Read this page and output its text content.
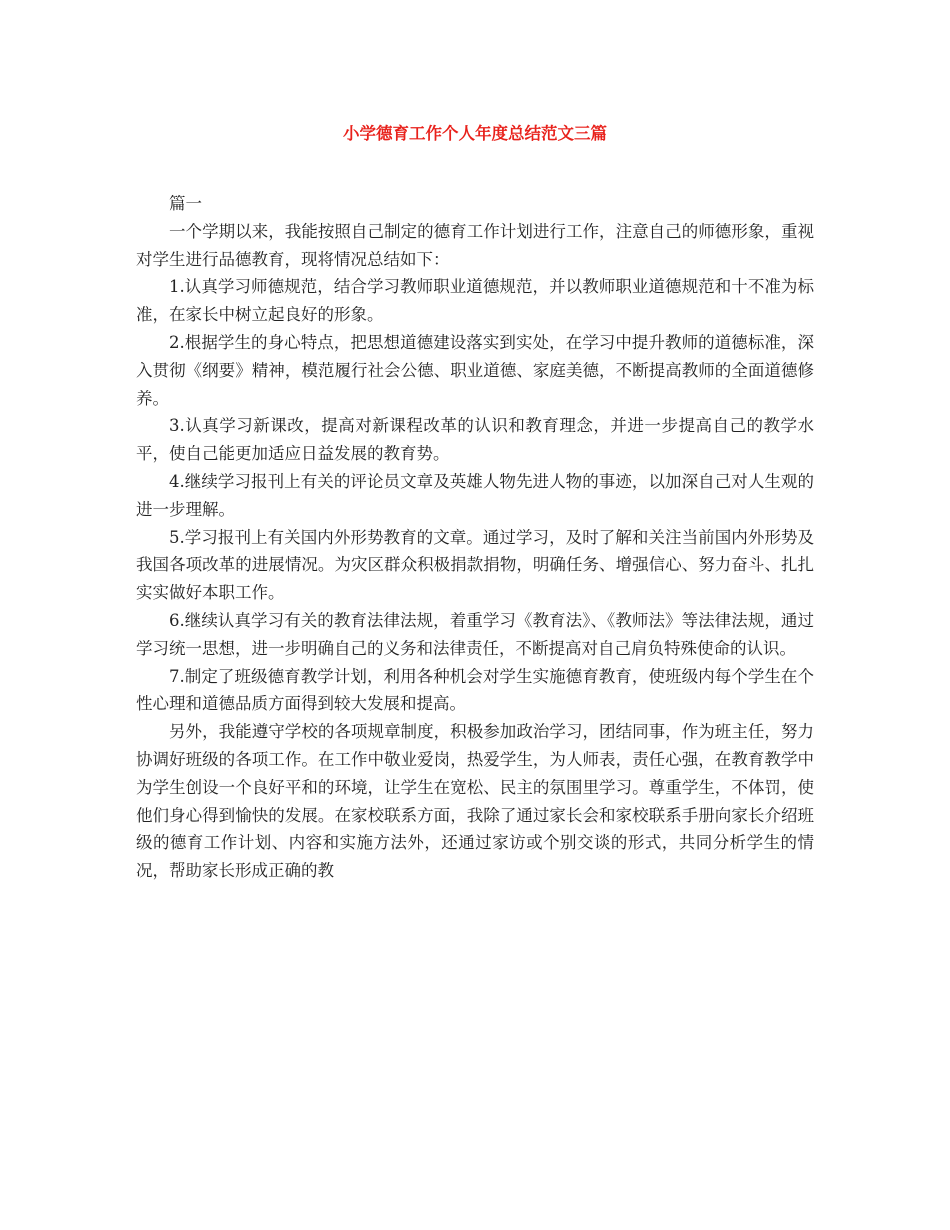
小学德育工作个人年度总结范文三篇

篇一

一个学期以来，我能按照自己制定的德育工作计划进行工作，注意自己的师德形象，重视对学生进行品德教育，现将情况总结如下：

1.认真学习师德规范，结合学习教师职业道德规范，并以教师职业道德规范和十不准为标准，在家长中树立起良好的形象。

2.根据学生的身心特点，把思想道德建设落实到实处，在学习中提升教师的道德标准，深入贯彻《纲要》精神，模范履行社会公德、职业道德、家庭美德，不断提高教师的全面道德修养。

3.认真学习新课改，提高对新课程改革的认识和教育理念，并进一步提高自己的教学水平，使自己能更加适应日益发展的教育势。

4.继续学习报刊上有关的评论员文章及英雄人物先进人物的事迹，以加深自己对人生观的进一步理解。

5.学习报刊上有关国内外形势教育的文章。通过学习，及时了解和关注当前国内外形势及我国各项改革的进展情况。为灾区群众积极捐款捐物，明确任务、增强信心、努力奋斗、扎扎实实做好本职工作。

6.继续认真学习有关的教育法律法规，着重学习《教育法》、《教师法》等法律法规，通过学习统一思想，进一步明确自己的义务和法律责任，不断提高对自己肩负特殊使命的认识。

7.制定了班级德育教学计划，利用各种机会对学生实施德育教育，使班级内每个学生在个性心理和道德品质方面得到较大发展和提高。

另外，我能遵守学校的各项规章制度，积极参加政治学习，团结同事，作为班主任，努力协调好班级的各项工作。在工作中敬业爱岗，热爱学生，为人师表，责任心强，在教育教学中为学生创设一个良好平和的环境，让学生在宽松、民主的氛围里学习。尊重学生，不体罚，使他们身心得到愉快的发展。在家校联系方面，我除了通过家长会和家校联系手册向家长介绍班级的德育工作计划、内容和实施方法外，还通过家访或个别交谈的形式，共同分析学生的情况，帮助家长形成正确的教
